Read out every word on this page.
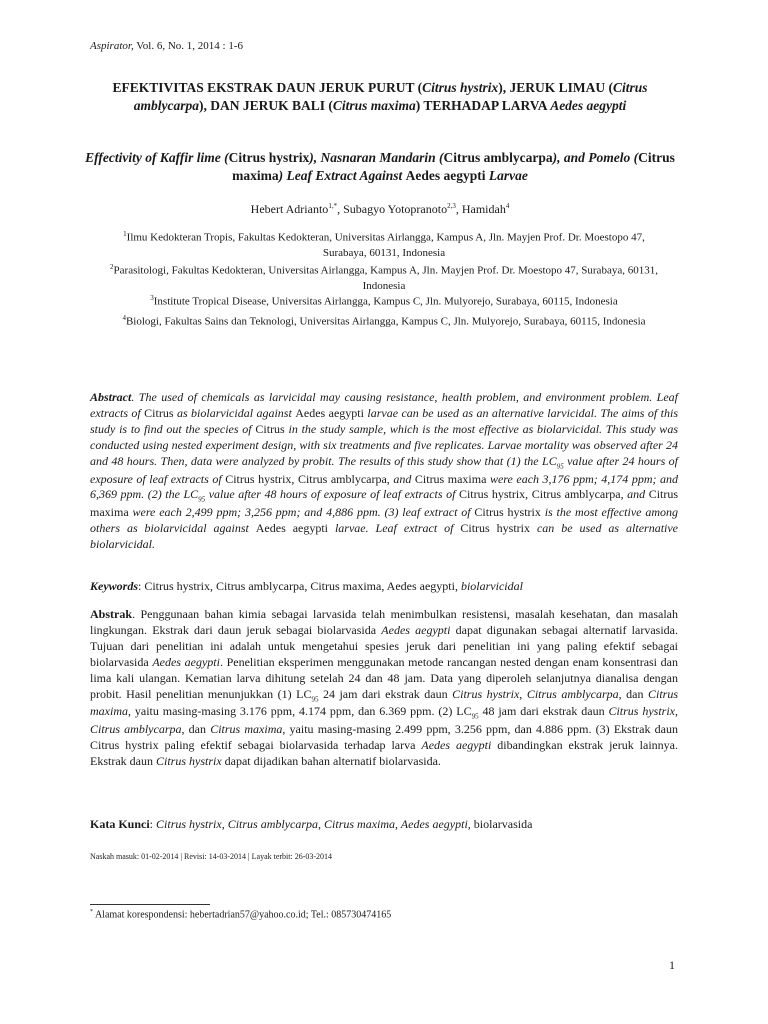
Aspirator, Vol. 6, No. 1, 2014 : 1-6
EFEKTIVITAS EKSTRAK DAUN JERUK PURUT (Citrus hystrix), JERUK LIMAU (Citrus amblycarpa), DAN JERUK BALI (Citrus maxima) TERHADAP LARVA Aedes aegypti
Effectivity of Kaffir lime (Citrus hystrix), Nasnaran Mandarin (Citrus amblycarpa), and Pomelo (Citrus maxima) Leaf Extract Against Aedes aegypti Larvae
Hebert Adrianto$^{1,*}$, Subagyo Yotopranoto$^{2,3}$, Hamidah$^4$
$^1$Ilmu Kedokteran Tropis, Fakultas Kedokteran, Universitas Airlangga, Kampus A, Jln. Mayjen Prof. Dr. Moestopo 47, Surabaya, 60131, Indonesia
$^2$Parasitologi, Fakultas Kedokteran, Universitas Airlangga, Kampus A, Jln. Mayjen Prof. Dr. Moestopo 47, Surabaya, 60131, Indonesia
$^3$Institute Tropical Disease, Universitas Airlangga, Kampus C, Jln. Mulyorejo, Surabaya, 60115, Indonesia
$^4$Biologi, Fakultas Sains dan Teknologi, Universitas Airlangga, Kampus C, Jln. Mulyorejo, Surabaya, 60115, Indonesia
Abstract. The used of chemicals as larvicidal may causing resistance, health problem, and environment problem. Leaf extracts of Citrus as biolarvicidal against Aedes aegypti larvae can be used as an alternative larvicidal. The aims of this study is to find out the species of Citrus in the study sample, which is the most effective as biolarvicidal. This study was conducted using nested experiment design, with six treatments and five replicates. Larvae mortality was observed after 24 and 48 hours. Then, data were analyzed by probit. The results of this study show that (1) the $LC_{95}$ value after 24 hours of exposure of leaf extracts of Citrus hystrix, Citrus amblycarpa, and Citrus maxima were each 3,176 ppm; 4,174 ppm; and 6,369 ppm. (2) the $LC_{95}$ value after 48 hours of exposure of leaf extracts of Citrus hystrix, Citrus amblycarpa, and Citrus maxima were each 2,499 ppm; 3,256 ppm; and 4,886 ppm. (3) leaf extract of Citrus hystrix is the most effective among others as biolarvicidal against Aedes aegypti larvae. Leaf extract of Citrus hystrix can be used as alternative biolarvicidal.
Keywords: Citrus hystrix, Citrus amblycarpa, Citrus maxima, Aedes aegypti, biolarvicidal
Abstrak. Penggunaan bahan kimia sebagai larvasida telah menimbulkan resistensi, masalah kesehatan, dan masalah lingkungan. Ekstrak dari daun jeruk sebagai biolarvasida Aedes aegypti dapat digunakan sebagai alternatif larvasida. Tujuan dari penelitian ini adalah untuk mengetahui spesies jeruk dari penelitian ini yang paling efektif sebagai biolarvasida Aedes aegypti. Penelitian eksperimen menggunakan metode rancangan nested dengan enam konsentrasi dan lima kali ulangan. Kematian larva dihitung setelah 24 dan 48 jam. Data yang diperoleh selanjutnya dianalisa dengan probit. Hasil penelitian menunjukkan (1) $LC_{95}$ 24 jam dari ekstrak daun Citrus hystrix, Citrus amblycarpa, dan Citrus maxima, yaitu masing-masing 3.176 ppm, 4.174 ppm, dan 6.369 ppm. (2) $LC_{95}$ 48 jam dari ekstrak daun Citrus hystrix, Citrus amblycarpa, dan Citrus maxima, yaitu masing-masing 2.499 ppm, 3.256 ppm, dan 4.886 ppm. (3) Ekstrak daun Citrus hystrix paling efektif sebagai biolarvasida terhadap larva Aedes aegypti dibandingkan ekstrak jeruk lainnya. Ekstrak daun Citrus hystrix dapat dijadikan bahan alternatif biolarvasida.
Kata Kunci: Citrus hystrix, Citrus amblycarpa, Citrus maxima, Aedes aegypti, biolarvasida
Naskah masuk: 01-02-2014 | Revisi: 14-03-2014 | Layak terbit: 26-03-2014
* Alamat korespondensi: hebertadrian57@yahoo.co.id; Tel.: 085730474165
1
